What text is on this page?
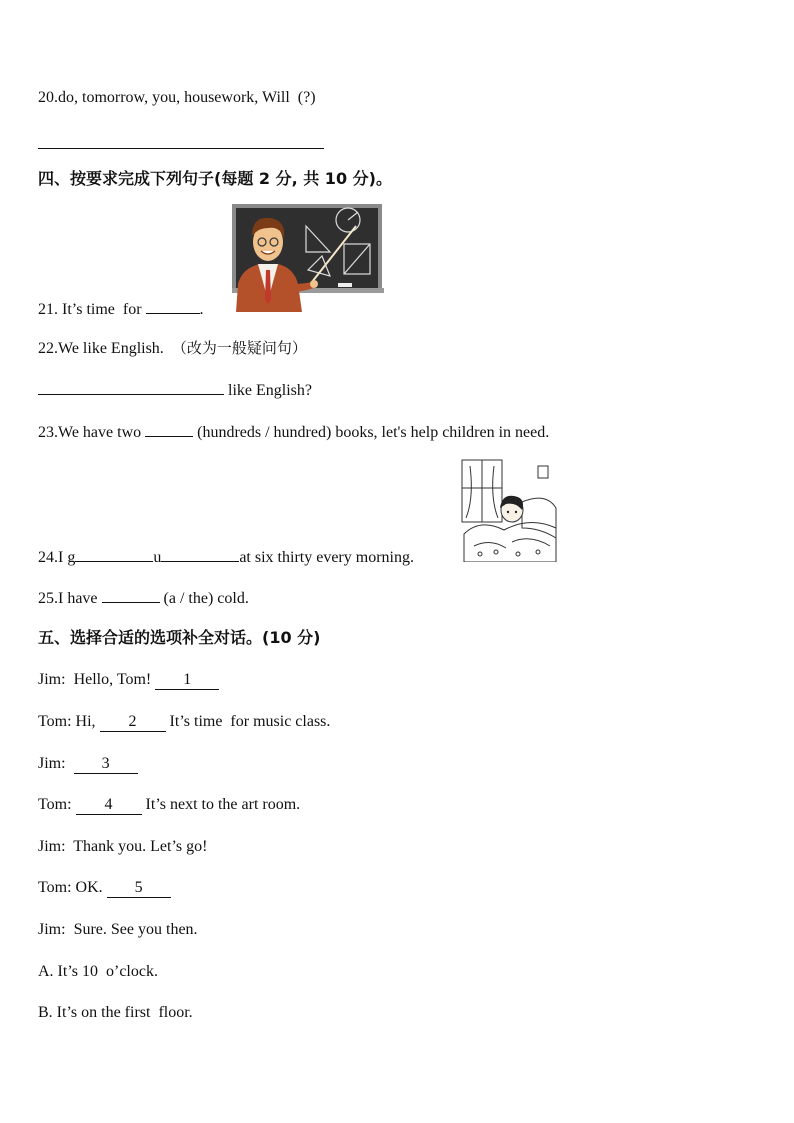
20.do, tomorrow, you, housework, Will  (?)
四、按要求完成下列句子(每题 2 分, 共 10 分)。
21. It’s time  for	.
22.We like English.  （改为一般疑问句）
like English?
23.We have two	(hundreds / hundred) books, let's help children in need.
24.I g	u	at six thirty every morning.
25.I have	(a / the) cold.
五、选择合适的选项补全对话。(10 分)
Jim:  Hello, Tom! 1
Tom: Hi, 2 It’s time  for music class.
Jim:  3
Tom: 4 It’s next to the art room.
Jim:  Thank you. Let’s go!
Tom: OK. 5
Jim:  Sure. See you then.
A. It’s 10  o’clock.
B. It’s on the first  floor.
